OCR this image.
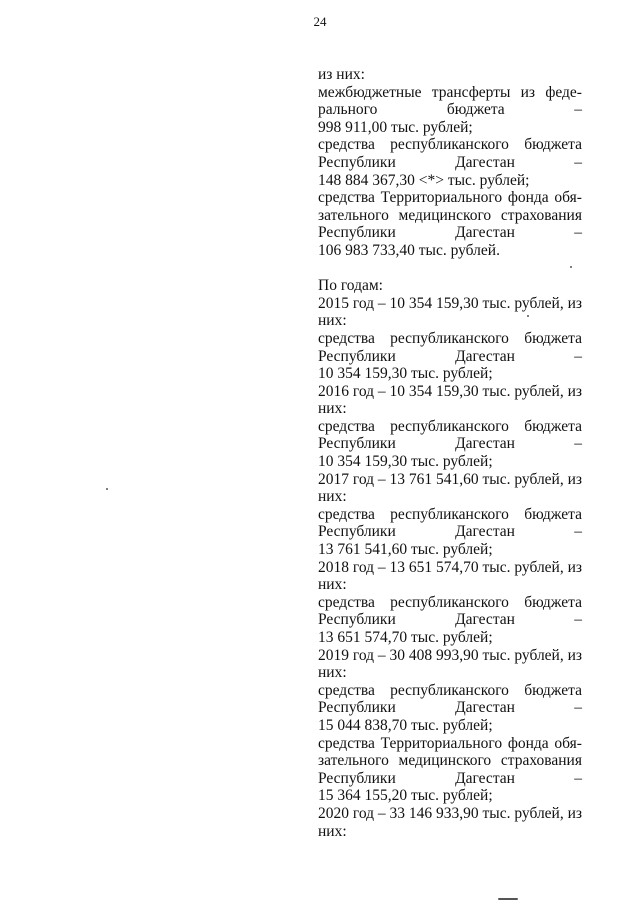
24
из них:
межбюджетные трансферты из феде-
рального	бюджета	–
998 911,00 тыс. рублей;
средства республиканского бюджета
Республики	Дагестан	–
148 884 367,30 <*> тыс. рублей;
средства Территориального фонда обя-
зательного медицинского страхования
Республики	Дагестан	–
106 983 733,40 тыс. рублей.
По годам:
2015 год – 10 354 159,30 тыс. рублей, из
них:
средства республиканского бюджета
Республики	Дагестан	–
10 354 159,30 тыс. рублей;
2016 год – 10 354 159,30 тыс. рублей, из
них:
средства республиканского бюджета
Республики	Дагестан	–
10 354 159,30 тыс. рублей;
2017 год – 13 761 541,60 тыс. рублей, из
них:
средства республиканского бюджета
Республики	Дагестан	–
13 761 541,60 тыс. рублей;
2018 год – 13 651 574,70 тыс. рублей, из
них:
средства республиканского бюджета
Республики	Дагестан	–
13 651 574,70 тыс. рублей;
2019 год – 30 408 993,90 тыс. рублей, из
них:
средства республиканского бюджета
Республики	Дагестан	–
15 044 838,70 тыс. рублей;
средства Территориального фонда обя-
зательного медицинского страхования
Республики	Дагестан	–
15 364 155,20 тыс. рублей;
2020 год – 33 146 933,90 тыс. рублей, из
них:
